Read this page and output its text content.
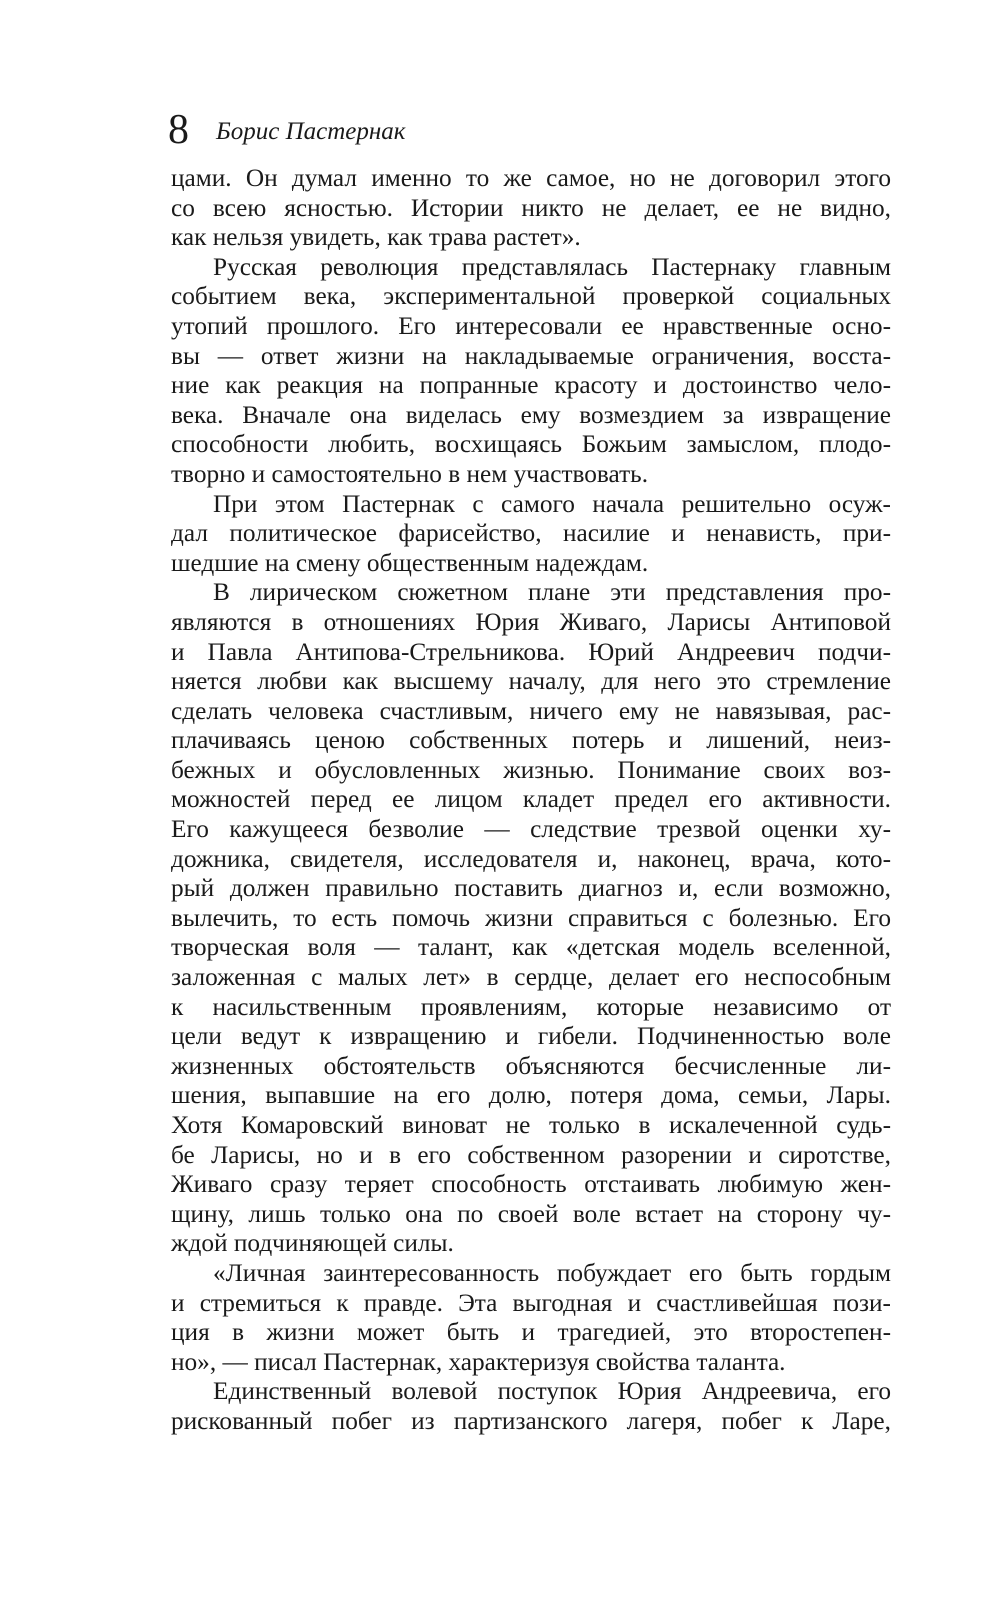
8 Борис Пастернак
цами. Он думал именно то же самое, но не договорил этого
со всею ясностью. Истории никто не делает, ее не видно,
как нельзя увидеть, как трава растет».
Русская революция представлялась Пастернаку главным
событием века, экспериментальной проверкой социальных
утопий прошлого. Его интересовали ее нравственные осно-
вы — ответ жизни на накладываемые ограничения, восста-
ние как реакция на попранные красоту и достоинство чело-
века. Вначале она виделась ему возмездием за извращение
способности любить, восхищаясь Божьим замыслом, плодо-
творно и самостоятельно в нем участвовать.
При этом Пастернак с самого начала решительно осуж-
дал политическое фарисейство, насилие и ненависть, при-
шедшие на смену общественным надеждам.
В лирическом сюжетном плане эти представления про-
являются в отношениях Юрия Живаго, Ларисы Антиповой
и Павла Антипова-Стрельникова. Юрий Андреевич подчи-
няется любви как высшему началу, для него это стремление
сделать человека счастливым, ничего ему не навязывая, рас-
плачиваясь ценою собственных потерь и лишений, неиз-
бежных и обусловленных жизнью. Понимание своих воз-
можностей перед ее лицом кладет предел его активности.
Его кажущееся безволие — следствие трезвой оценки ху-
дожника, свидетеля, исследователя и, наконец, врача, кото-
рый должен правильно поставить диагноз и, если возможно,
вылечить, то есть помочь жизни справиться с болезнью. Его
творческая воля — талант, как «детская модель вселенной,
заложенная с малых лет» в сердце, делает его неспособным
к насильственным проявлениям, которые независимо от
цели ведут к извращению и гибели. Подчиненностью воле
жизненных обстоятельств объясняются бесчисленные ли-
шения, выпавшие на его долю, потеря дома, семьи, Лары.
Хотя Комаровский виноват не только в искалеченной судь-
бе Ларисы, но и в его собственном разорении и сиротстве,
Живаго сразу теряет способность отстаивать любимую жен-
щину, лишь только она по своей воле встает на сторону чу-
ждой подчиняющей силы.
«Личная заинтересованность побуждает его быть гордым
и стремиться к правде. Эта выгодная и счастливейшая пози-
ция в жизни может быть и трагедией, это второстепен-
но», — писал Пастернак, характеризуя свойства таланта.
Единственный волевой поступок Юрия Андреевича, его
рискованный побег из партизанского лагеря, побег к Ларе,
